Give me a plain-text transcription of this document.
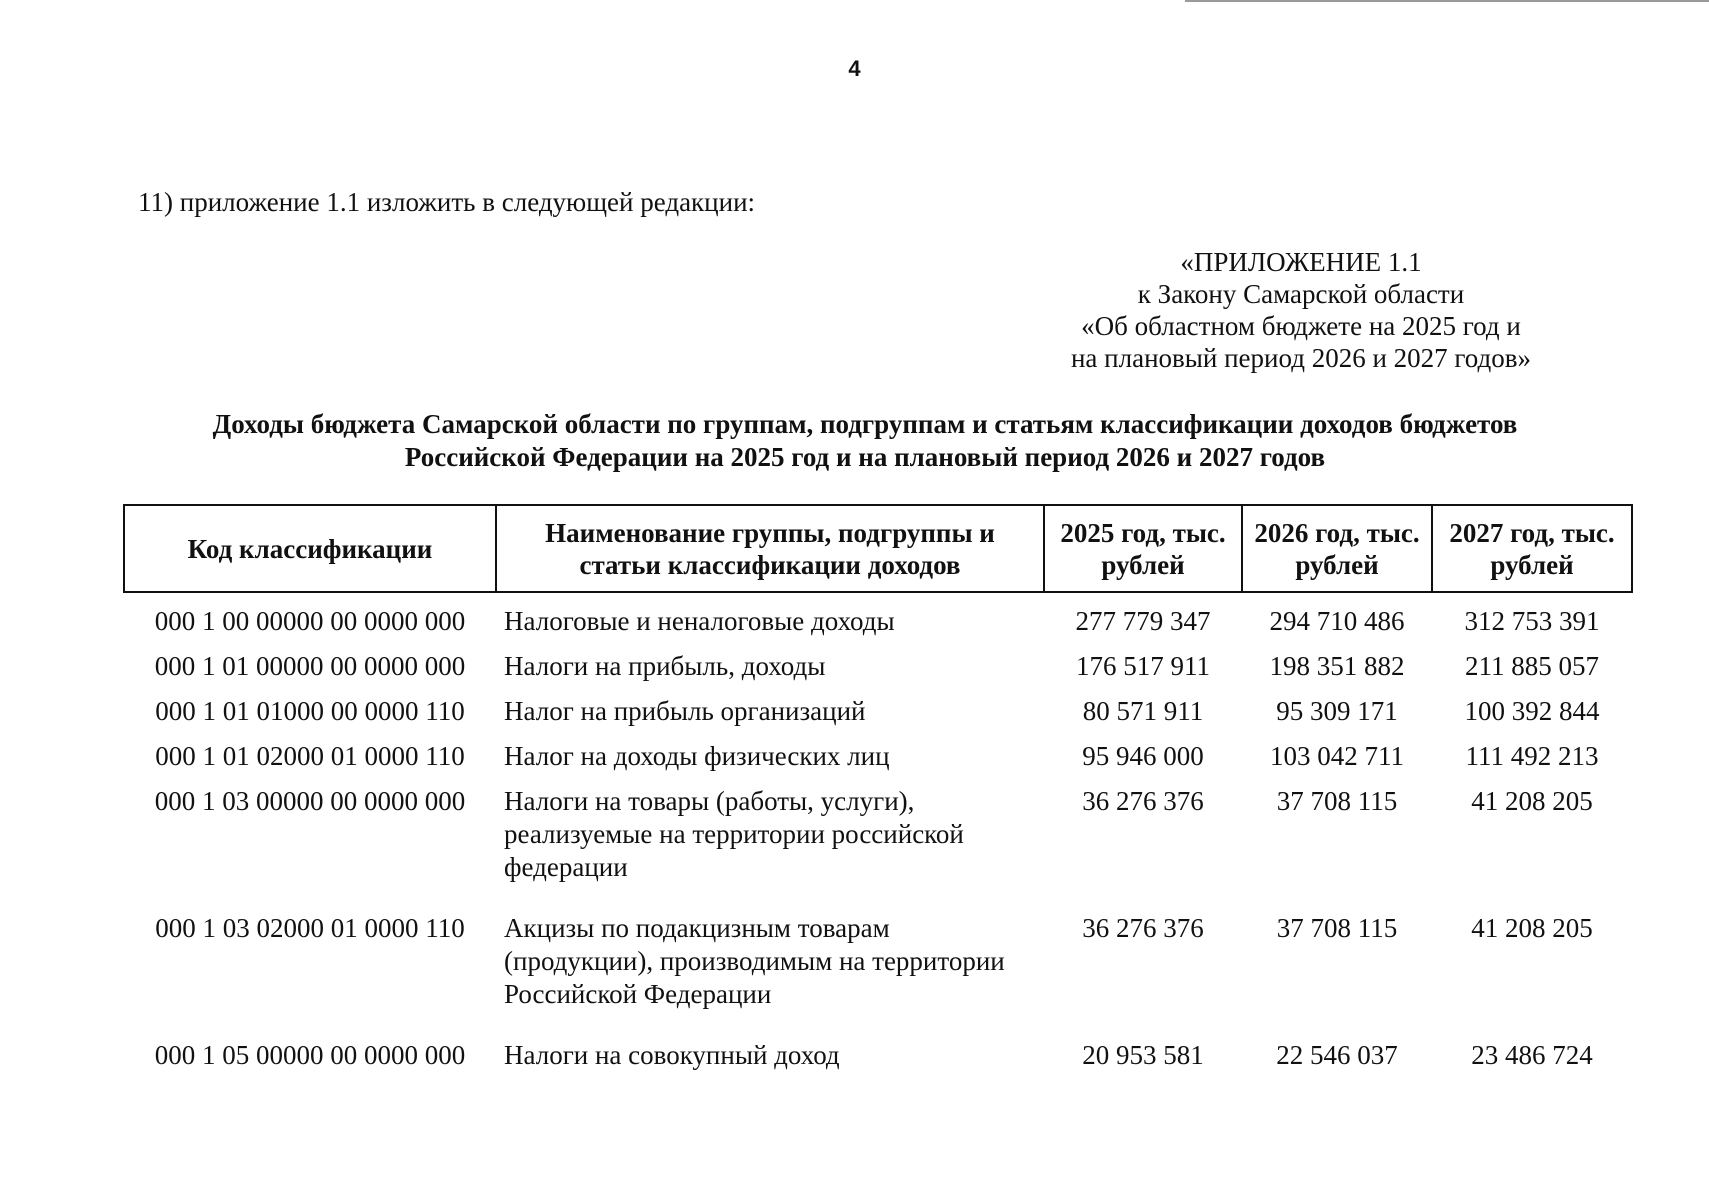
4
11) приложение 1.1 изложить в следующей редакции:
«ПРИЛОЖЕНИЕ 1.1
к Закону Самарской области
«Об областном бюджете на 2025 год и
на плановый период 2026 и 2027 годов»
Доходы бюджета Самарской области по группам, подгруппам и статьям классификации доходов бюджетов
Российской Федерации на 2025 год и на плановый период 2026 и 2027 годов
Код классификации	Наименование группы, подгруппы и статьи классификации доходов	2025 год, тыс. рублей	2026 год, тыс. рублей	2027 год, тыс. рублей
000 1 00 00000 00 0000 000	Налоговые и неналоговые доходы	277 779 347	294 710 486	312 753 391
000 1 01 00000 00 0000 000	Налоги на прибыль, доходы	176 517 911	198 351 882	211 885 057
000 1 01 01000 00 0000 110	Налог на прибыль организаций	80 571 911	95 309 171	100 392 844
000 1 01 02000 01 0000 110	Налог на доходы физических лиц	95 946 000	103 042 711	111 492 213
000 1 03 00000 00 0000 000	Налоги на товары (работы, услуги), реализуемые на территории российской федерации	36 276 376	37 708 115	41 208 205
000 1 03 02000 01 0000 110	Акцизы по подакцизным товарам (продукции), производимым на территории Российской Федерации	36 276 376	37 708 115	41 208 205
000 1 05 00000 00 0000 000	Налоги на совокупный доход	20 953 581	22 546 037	23 486 724
